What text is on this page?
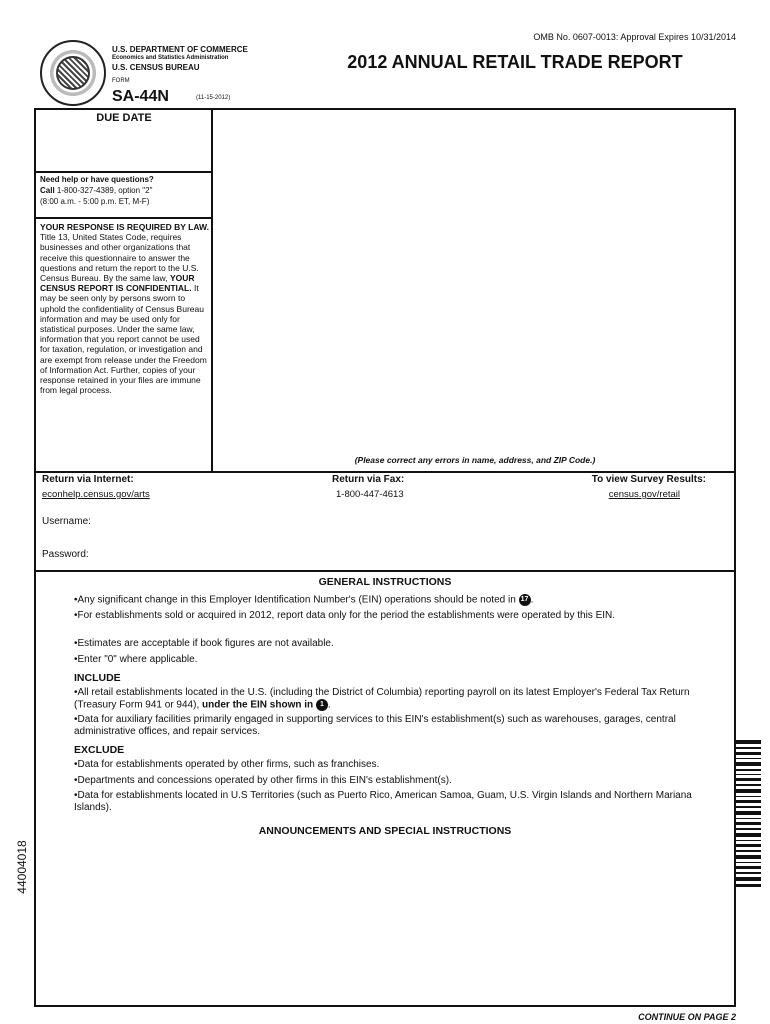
OMB No. 0607-0013: Approval Expires 10/31/2014
U.S. DEPARTMENT OF COMMERCE
Economics and Statistics Administration
U.S. CENSUS BUREAU
FORM
SA-44N	(11-15-2012)
2012 ANNUAL RETAIL TRADE REPORT
DUE DATE
Need help or have questions?
Call 1-800-327-4389, option "2"
(8:00 a.m. - 5:00 p.m. ET, M-F)
YOUR RESPONSE IS REQUIRED BY LAW. Title 13, United States Code, requires businesses and other organizations that receive this questionnaire to answer the questions and return the report to the U.S. Census Bureau. By the same law, YOUR CENSUS REPORT IS CONFIDENTIAL. It may be seen only by persons sworn to uphold the confidentiality of Census Bureau information and may be used only for statistical purposes. Under the same law, information that you report cannot be used for taxation, regulation, or investigation and are exempt from release under the Freedom of Information Act. Further, copies of your response retained in your files are immune from legal process.
(Please correct any errors in name, address, and ZIP Code.)
Return via Internet:
econhelp.census.gov/arts
Return via Fax:
1-800-447-4613
To view Survey Results:
census.gov/retail
Username:
Password:
GENERAL INSTRUCTIONS
•Any significant change in this Employer Identification Number's (EIN) operations should be noted in 17 .
•For establishments sold or acquired in 2012, report data only for the period the establishments were operated by this EIN.
•Estimates are acceptable if book figures are not available.
•Enter "0" where applicable.
INCLUDE
•All retail establishments located in the U.S. (including the District of Columbia) reporting payroll on its latest Employer's Federal Tax Return (Treasury Form 941 or 944), under the EIN shown in 1 .
•Data for auxiliary facilities primarily engaged in supporting services to this EIN's establishment(s) such as warehouses, garages, central administrative offices, and repair services.
EXCLUDE
•Data for establishments operated by other firms, such as franchises.
•Departments and concessions operated by other firms in this EIN's establishment(s).
•Data for establishments located in U.S Territories (such as Puerto Rico, American Samoa, Guam, U.S. Virgin Islands and Northern Mariana Islands).
ANNOUNCEMENTS AND SPECIAL INSTRUCTIONS
44004018
CONTINUE ON PAGE 2
